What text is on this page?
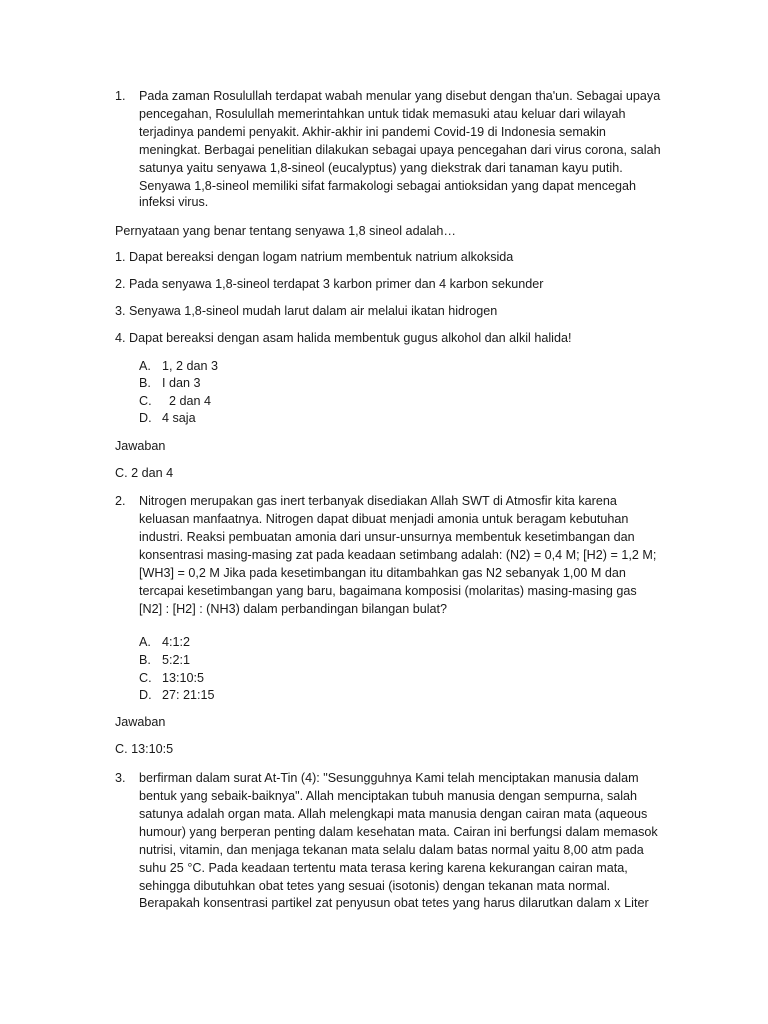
1. Pada zaman Rosulullah terdapat wabah menular yang disebut dengan tha'un. Sebagai upaya
pencegahan, Rosulullah memerintahkan untuk tidak memasuki atau keluar dari wilayah
terjadinya pandemi penyakit. Akhir-akhir ini pandemi Covid-19 di Indonesia semakin
meningkat. Berbagai penelitian dilakukan sebagai upaya pencegahan dari virus corona, salah
satunya yaitu senyawa 1,8-sineol (eucalyptus) yang diekstrak dari tanaman kayu putih.
Senyawa 1,8-sineol memiliki sifat farmakologi sebagai antioksidan yang dapat mencegah
infeksi virus.
Pernyataan yang benar tentang senyawa 1,8 sineol adalah…
1. Dapat bereaksi dengan logam natrium membentuk natrium alkoksida
2. Pada senyawa 1,8-sineol terdapat 3 karbon primer dan 4 karbon sekunder
3. Senyawa 1,8-sineol mudah larut dalam air melalui ikatan hidrogen
4. Dapat bereaksi dengan asam halida membentuk gugus alkohol dan alkil halida!
A. 1, 2 dan 3
B. I dan 3
C. 2 dan 4
D. 4 saja
Jawaban
C. 2 dan 4
2. Nitrogen merupakan gas inert terbanyak disediakan Allah SWT di Atmosfir kita karena
keluasan manfaatnya. Nitrogen dapat dibuat menjadi amonia untuk beragam kebutuhan
industri. Reaksi pembuatan amonia dari unsur-unsurnya membentuk kesetimbangan dan
konsentrasi masing-masing zat pada keadaan setimbang adalah: (N2) = 0,4 M; [H2) = 1,2 M;
[WH3] = 0,2 M Jika pada kesetimbangan itu ditambahkan gas N2 sebanyak 1,00 M dan
tercapai kesetimbangan yang baru, bagaimana komposisi (molaritas) masing-masing gas
[N2] : [H2] : (NH3) dalam perbandingan bilangan bulat?
A. 4:1:2
B. 5:2:1
C. 13:10:5
D. 27: 21:15
Jawaban
C. 13:10:5
3. berfirman dalam surat At-Tin (4): "Sesungguhnya Kami telah menciptakan manusia dalam
bentuk yang sebaik-baiknya". Allah menciptakan tubuh manusia dengan sempurna, salah
satunya adalah organ mata. Allah melengkapi mata manusia dengan cairan mata (aqueous
humour) yang berperan penting dalam kesehatan mata. Cairan ini berfungsi dalam memasok
nutrisi, vitamin, dan menjaga tekanan mata selalu dalam batas normal yaitu 8,00 atm pada
suhu 25 °C. Pada keadaan tertentu mata terasa kering karena kekurangan cairan mata,
sehingga dibutuhkan obat tetes yang sesuai (isotonis) dengan tekanan mata normal.
Berapakah konsentrasi partikel zat penyusun obat tetes yang harus dilarutkan dalam x Liter
